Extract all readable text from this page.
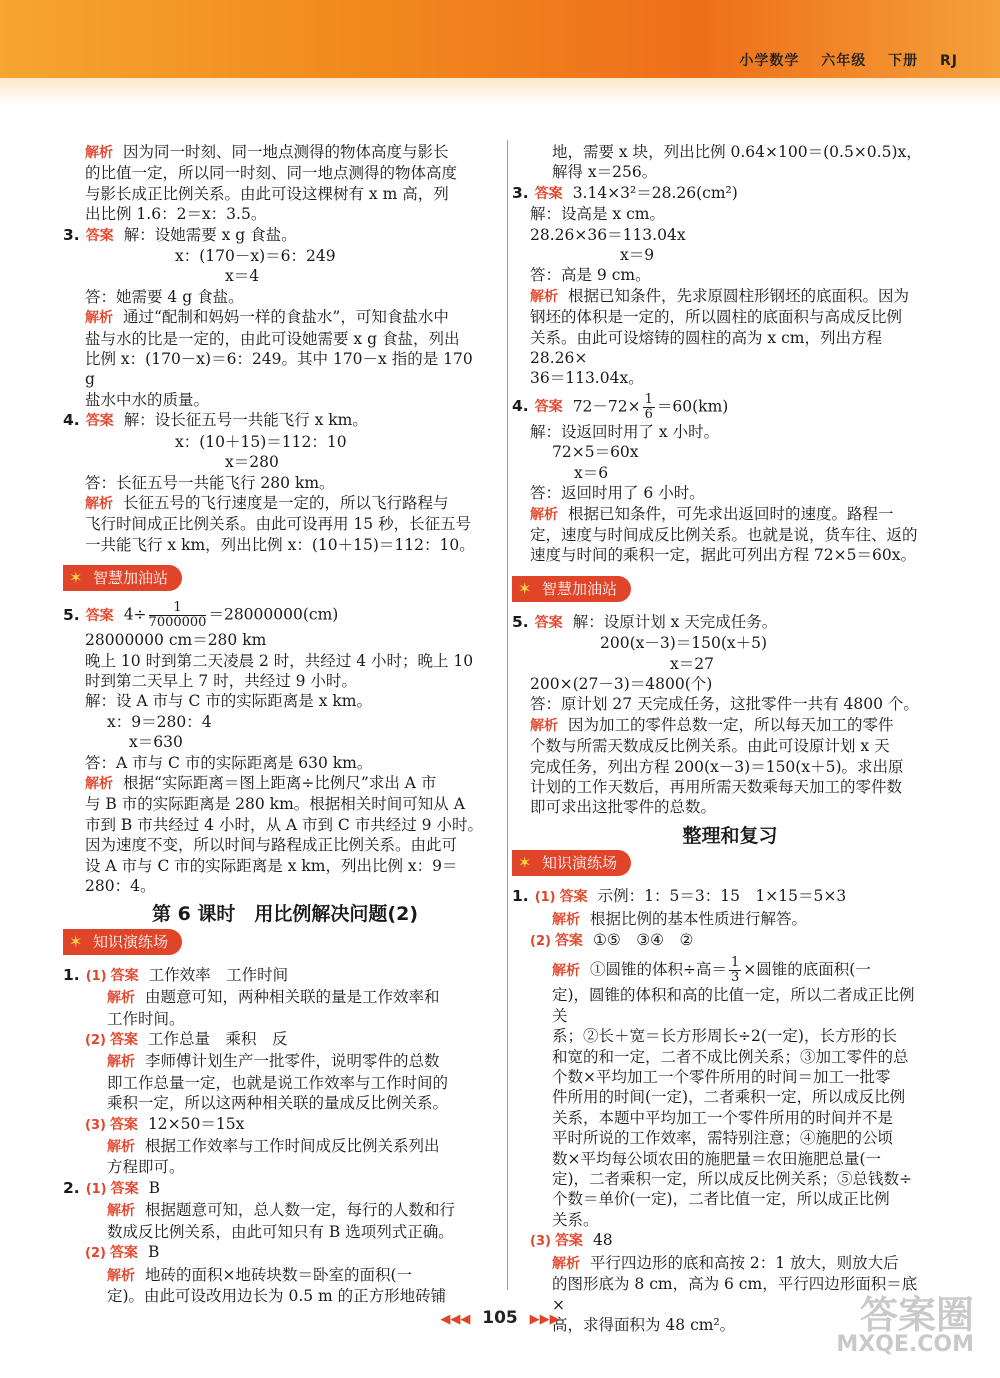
小学数学 六年级 下册 RJ

解析 因为同一时刻、同一地点测得的物体高度与影长

的比值一定，所以同一时刻、同一地点测得的物体高度

与影长成正比例关系。由此可设这棵树有 x m 高，列

出比例 1.6：2＝x：3.5。

3. 答案 解：设她需要 x g 食盐。

x：(170－x)＝6：249

x＝4

答：她需要 4 g 食盐。

解析 通过“配制和妈妈一样的食盐水”，可知食盐水中

盐与水的比是一定的，由此可设她需要 x g 食盐，列出

比例 x：(170－x)＝6：249。其中 170－x 指的是 170 g

盐水中水的质量。

4. 答案 解：设长征五号一共能飞行 x km。

x：(10＋15)＝112：10

x＝280

答：长征五号一共能飞行 280 km。

解析 长征五号的飞行速度是一定的，所以飞行路程与

飞行时间成正比例关系。由此可设再用 15 秒，长征五号

一共能飞行 x km，列出比例 x：(10＋15)＝112：10。

✶ 智慧加油站

5. 答案 $4\div \frac{1}{7000000} =28000000(cm)$

28000000 cm＝280 km

晚上 10 时到第二天凌晨 2 时，共经过 4 小时；晚上 10

时到第二天早上 7 时，共经过 9 小时。

解：设 A 市与 C 市的实际距离是 x km。

x：9＝280：4

x＝630

答：A 市与 C 市的实际距离是 630 km。

解析 根据“实际距离＝图上距离÷比例尺”求出 A 市

与 B 市的实际距离是 280 km。根据相关时间可知从 A

市到 B 市共经过 4 小时，从 A 市到 C 市共经过 9 小时。

因为速度不变，所以时间与路程成正比例关系。由此可

设 A 市与 C 市的实际距离是 x km，列出比例 x：9＝

280：4。

第 6 课时　用比例解决问题(2)
✶ 知识演练场

1. (1) 答案 工作效率　工作时间

解析 由题意可知，两种相关联的量是工作效率和

工作时间。

(2) 答案 工作总量　乘积　反

解析 李师傅计划生产一批零件，说明零件的总数

即工作总量一定，也就是说工作效率与工作时间的

乘积一定，所以这两种相关联的量成反比例关系。

(3) 答案 12×50＝15x

解析 根据工作效率与工作时间成反比例关系列出

方程即可。

2. (1) 答案 B

解析 根据题意可知，总人数一定，每行的人数和行

数成反比例关系，由此可知只有 B 选项列式正确。

(2) 答案 B

解析 地砖的面积×地砖块数＝卧室的面积(一

定)。由此可设改用边长为 0.5 m 的正方形地砖铺

地，需要 x 块，列出比例 0.64×100＝(0.5×0.5)x，

解得 x＝256。

3. 答案 3.14×3²＝28.26(cm²)

解：设高是 x cm。

28.26×36＝113.04x

x＝9

答：高是 9 cm。

解析 根据已知条件，先求原圆柱形钢坯的底面积。因为

钢坯的体积是一定的，所以圆柱的底面积与高成反比例

关系。由此可设熔铸的圆柱的高为 x cm，列出方程28.26×

36＝113.04x。

4. 答案 $72-72\times \frac{1}{6} =60(km)$

解：设返回时用了 x 小时。

72×5＝60x

x＝6

答：返回时用了 6 小时。

解析 根据已知条件，可先求出返回时的速度。路程一

定，速度与时间成反比例关系。也就是说，货车往、返的

速度与时间的乘积一定，据此可列出方程 72×5＝60x。

✶ 智慧加油站

5. 答案 解：设原计划 x 天完成任务。

200(x－3)＝150(x＋5)

x＝27

200×(27－3)＝4800(个)

答：原计划 27 天完成任务，这批零件一共有 4800 个。

解析 因为加工的零件总数一定，所以每天加工的零件

个数与所需天数成反比例关系。由此可设原计划 x 天

完成任务，列出方程 200(x－3)＝150(x＋5)。求出原

计划的工作天数后，再用所需天数乘每天加工的零件数

即可求出这批零件的总数。

整理和复习
✶ 知识演练场

1. (1) 答案 示例：1：5＝3：15　1×15＝5×3

解析 根据比例的基本性质进行解答。

(2) 答案 ①⑤　③④　②

解析 ①圆锥的体积÷高＝ $\frac{1}{3}$ ×圆锥的底面积(一

定)，圆锥的体积和高的比值一定，所以二者成正比例关

系；②长＋宽＝长方形周长÷2(一定)，长方形的长

和宽的和一定，二者不成比例关系；③加工零件的总

个数×平均加工一个零件所用的时间＝加工一批零

件所用的时间(一定)，二者乘积一定，所以成反比例

关系，本题中平均加工一个零件所用的时间并不是

平时所说的工作效率，需特别注意；④施肥的公顷

数×平均每公顷农田的施肥量＝农田施肥总量(一

定)，二者乘积一定，所以成反比例关系；⑤总钱数÷

个数＝单价(一定)，二者比值一定，所以成正比例

关系。

(3) 答案 48

解析 平行四边形的底和高按 2：1 放大，则放大后

的图形底为 8 cm，高为 6 cm，平行四边形面积＝底×

高，求得面积为 48 cm²。

◀◀◀ 105 ▶▶▶	答案圈
MXQE.COM
